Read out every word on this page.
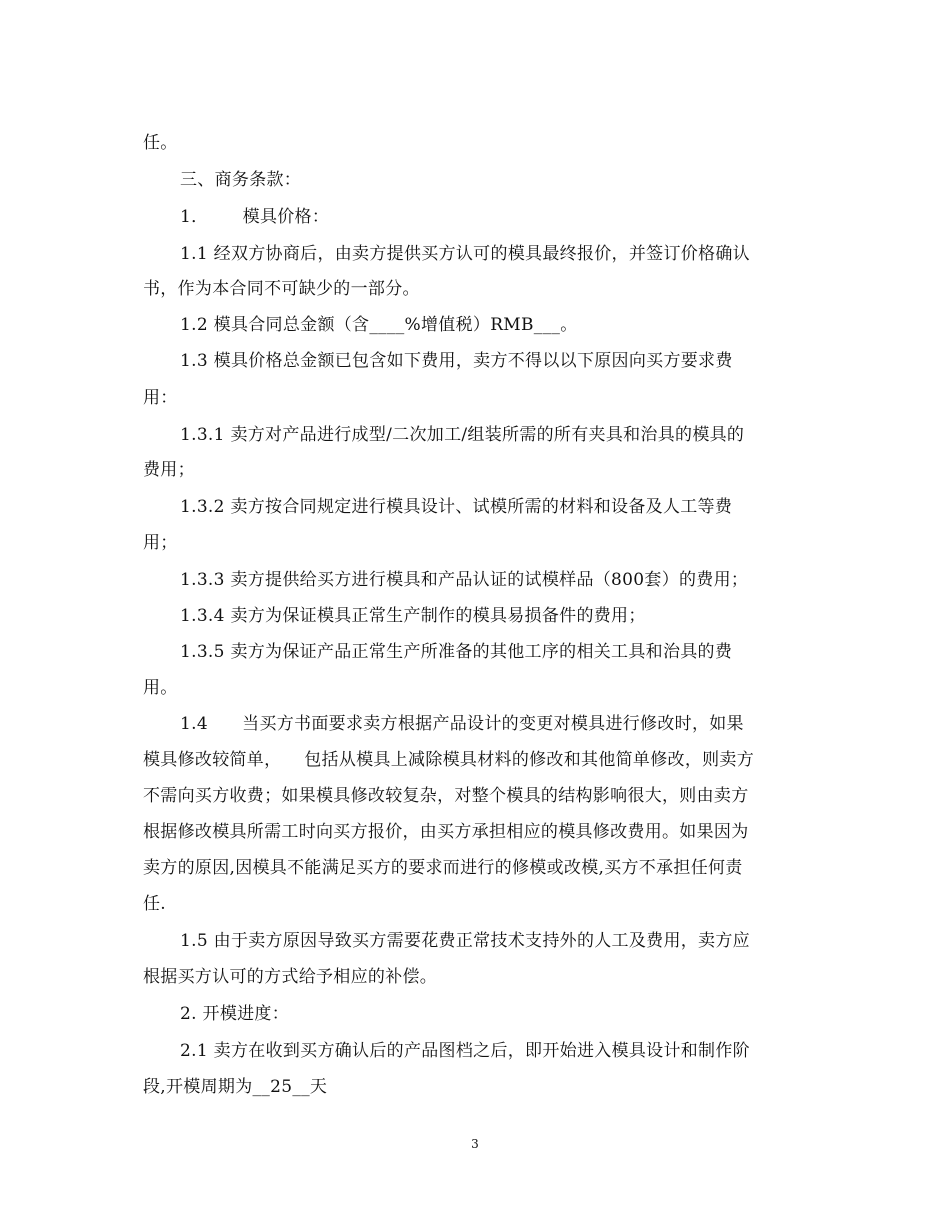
任。
三、商务条款：
1．      模具价格：
1.1 经双方协商后，由卖方提供买方认可的模具最终报价，并签订价格确认
书，作为本合同不可缺少的一部分。
1.2 模具合同总金额（含____%增值税）RMB___。
1.3 模具价格总金额已包含如下费用，卖方不得以以下原因向买方要求费
用：
1.3.1 卖方对产品进行成型/二次加工/组装所需的所有夹具和治具的模具的
费用；
1.3.2 卖方按合同规定进行模具设计、试模所需的材料和设备及人工等费
用；
1.3.3 卖方提供给买方进行模具和产品认证的试模样品（800套）的费用；
1.3.4 卖方为保证模具正常生产制作的模具易损备件的费用；
1.3.5 卖方为保证产品正常生产所准备的其他工序的相关工具和治具的费
用。
1.4      当买方书面要求卖方根据产品设计的变更对模具进行修改时，如果
模具修改较简单，    包括从模具上减除模具材料的修改和其他简单修改，则卖方
不需向买方收费；如果模具修改较复杂，对整个模具的结构影响很大，则由卖方
根据修改模具所需工时向买方报价，由买方承担相应的模具修改费用。如果因为
卖方的原因,因模具不能满足买方的要求而进行的修模或改模,买方不承担任何责
任.
1.5 由于卖方原因导致买方需要花费正常技术支持外的人工及费用，卖方应
根据买方认可的方式给予相应的补偿。
2. 开模进度：
2.1 卖方在收到买方确认后的产品图档之后，即开始进入模具设计和制作阶
段,开模周期为__25__天
3
